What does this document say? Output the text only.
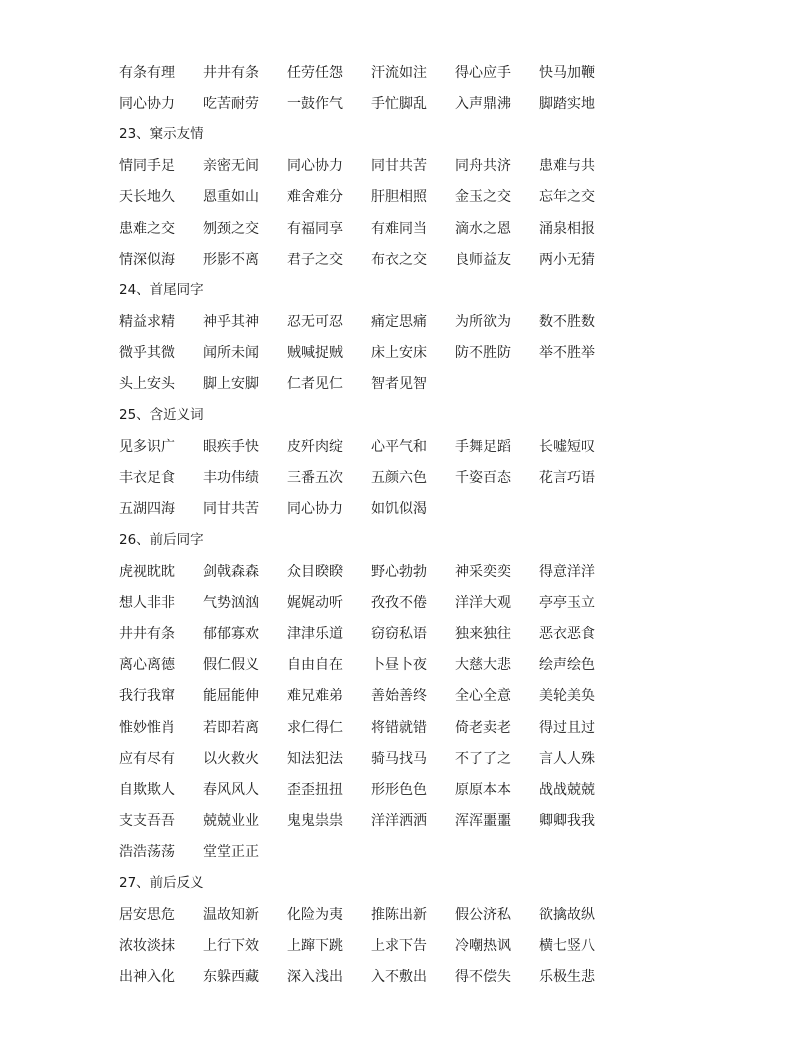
有条有理	井井有条	任劳任怨	汗流如注	得心应手	快马加鞭
同心协力	吃苦耐劳	一鼓作气	手忙脚乱	入声鼎沸	脚踏实地
23、窠示友情
情同手足	亲密无间	同心协力	同甘共苦	同舟共济	患难与共
天长地久	恩重如山	难舍难分	肝胆相照	金玉之交	忘年之交
患难之交	刎颈之交	有福同享	有难同当	滴水之恩	涌泉相报
情深似海	形影不离	君子之交	布衣之交	良师益友	两小无猜
24、首尾同字
精益求精	神乎其神	忍无可忍	痛定思痛	为所欲为	数不胜数
微乎其微	闻所未闻	贼喊捉贼	床上安床	防不胜防	举不胜举
头上安头	脚上安脚	仁者见仁	智者见智
25、含近义词
见多识广	眼疾手快	皮歼肉绽	心平气和	手舞足蹈	长嘘短叹
丰衣足食	丰功伟绩	三番五次	五颜六色	千姿百态	花言巧语
五湖四海	同甘共苦	同心协力	如饥似渴
26、前后同字
虎视眈眈	剑戟森森	众目睽睽	野心勃勃	神采奕奕	得意洋洋
想人非非	气势汹汹	娓娓动听	孜孜不倦	洋洋大观	亭亭玉立
井井有条	郁郁寡欢	津津乐道	窃窃私语	独来独往	恶衣恶食
离心离德	假仁假义	自由自在	卜昼卜夜	大慈大悲	绘声绘色
我行我窜	能屈能伸	难兄难弟	善始善终	全心全意	美轮美奂
惟妙惟肖	若即若离	求仁得仁	将错就错	倚老卖老	得过且过
应有尽有	以火救火	知法犯法	骑马找马	不了了之	言人人殊
自欺欺人	春风风人	歪歪扭扭	形形色色	原原本本	战战兢兢
支支吾吾	兢兢业业	鬼鬼祟祟	洋洋洒洒	浑浑噩噩	卿卿我我
浩浩荡荡	堂堂正正
27、前后反义
居安思危	温故知新	化险为夷	推陈出新	假公济私	欲擒故纵
浓妆淡抹	上行下效	上蹿下跳	上求下告	冷嘲热讽	横七竖八
出神入化	东躲西藏	深入浅出	入不敷出	得不偿失	乐极生悲
